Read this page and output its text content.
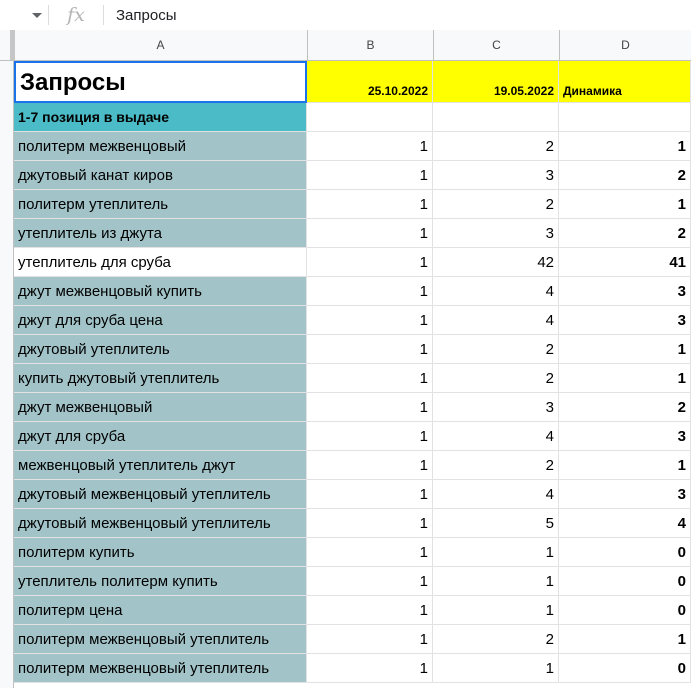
fx	Запросы
A	B	C	D
Запросы	25.10.2022	19.05.2022 Динамика
1-7 позиция в выдаче
политерм межвенцовый	1	2	1
джутовый канат киров	1	3	2
политерм утеплитель	1	2	1
утеплитель из джута	1	3	2
утеплитель для сруба	1	42	41
джут межвенцовый купить	1	4	3
джут для сруба цена	1	4	3
джутовый утеплитель	1	2	1
купить джутовый утеплитель	1	2	1
джут межвенцовый	1	3	2
джут для сруба	1	4	3
межвенцовый утеплитель джут	1	2	1
джутовый межвенцовый утеплитель	1	4	3
джутовый межвенцовый утеплитель	1	5	4
политерм купить	1	1	0
утеплитель политерм купить	1	1	0
политерм цена	1	1	0
политерм межвенцовый утеплитель	1	2	1
политерм межвенцовый утеплитель	1	1	0
